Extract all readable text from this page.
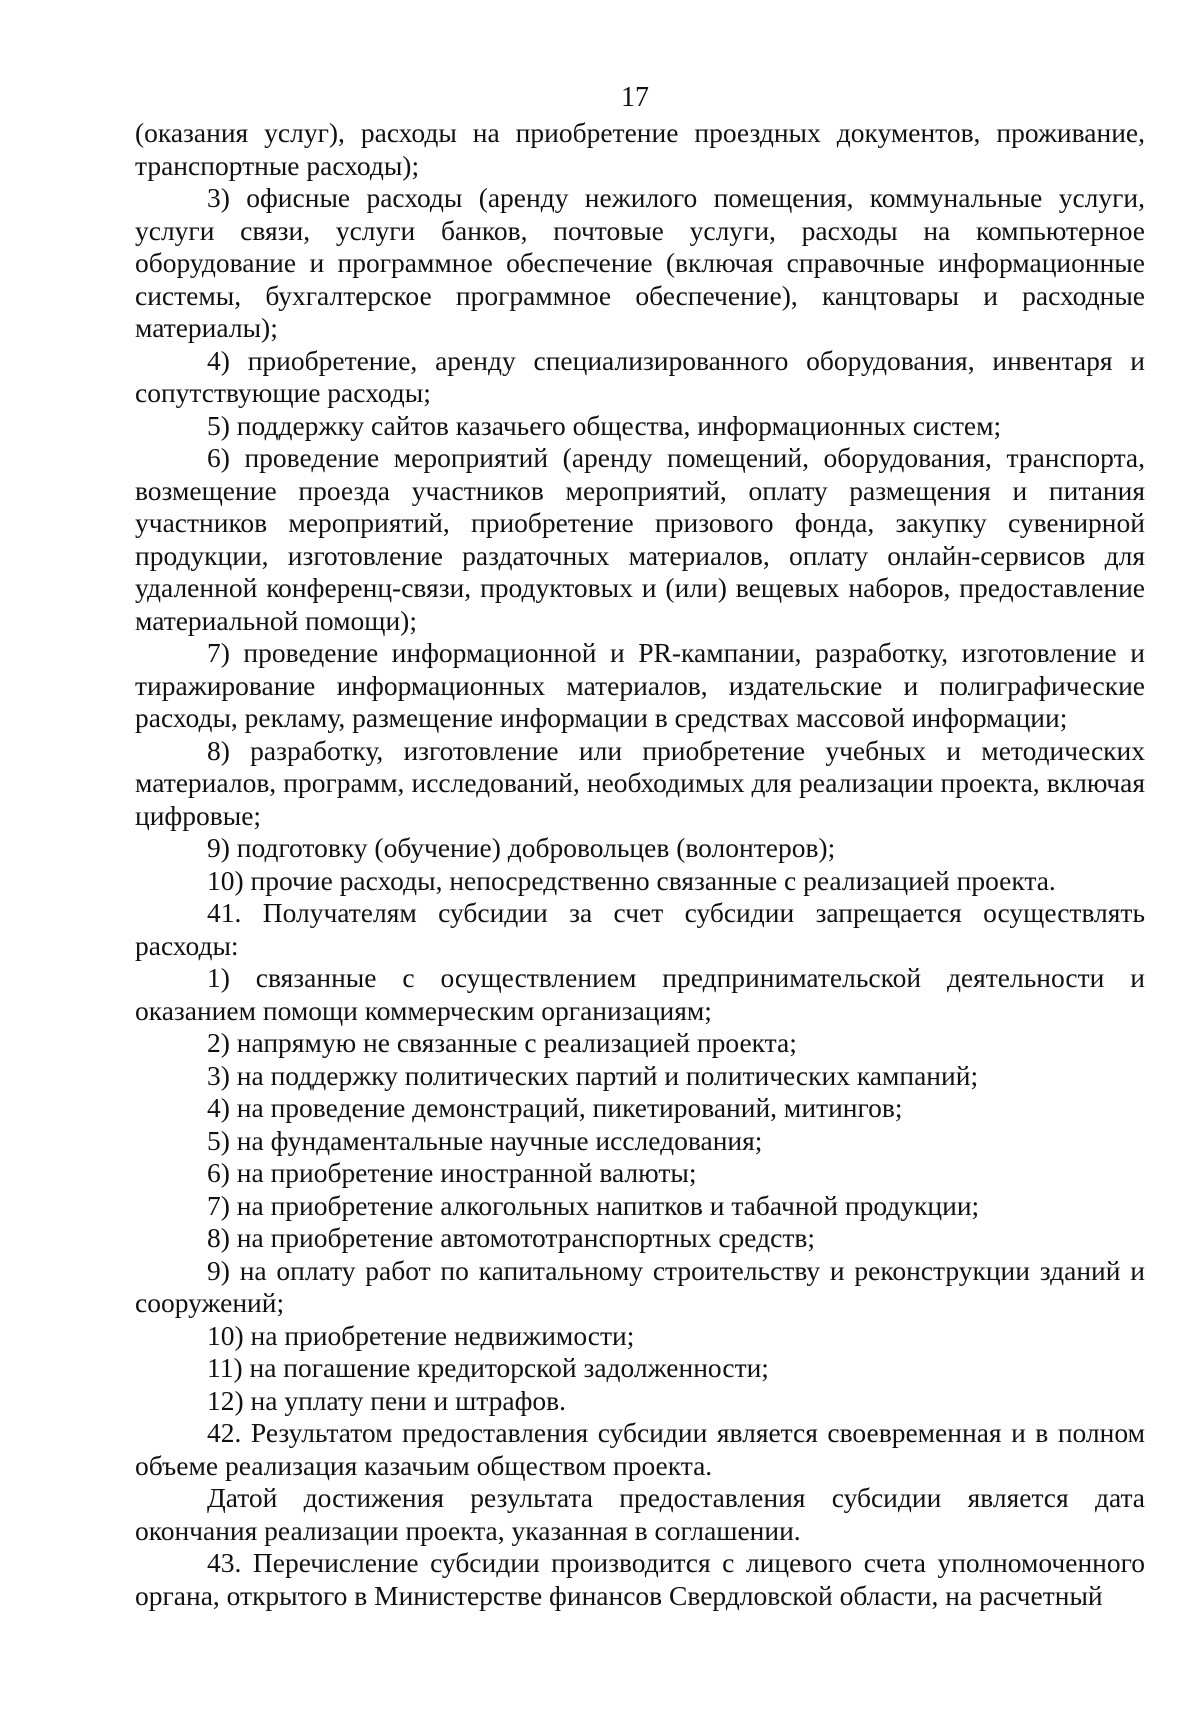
17

(оказания услуг), расходы на приобретение проездных документов, проживание, транспортные расходы);

3) офисные расходы (аренду нежилого помещения, коммунальные услуги, услуги связи, услуги банков, почтовые услуги, расходы на компьютерное оборудование и программное обеспечение (включая справочные информационные системы, бухгалтерское программное обеспечение), канцтовары и расходные материалы);

4) приобретение, аренду специализированного оборудования, инвентаря и сопутствующие расходы;

5) поддержку сайтов казачьего общества, информационных систем;

6) проведение мероприятий (аренду помещений, оборудования, транспорта, возмещение проезда участников мероприятий, оплату размещения и питания участников мероприятий, приобретение призового фонда, закупку сувенирной продукции, изготовление раздаточных материалов, оплату онлайн-сервисов для удаленной конференц-связи, продуктовых и (или) вещевых наборов, предоставление материальной помощи);

7) проведение информационной и PR-кампании, разработку, изготовление и тиражирование информационных материалов, издательские и полиграфические расходы, рекламу, размещение информации в средствах массовой информации;

8) разработку, изготовление или приобретение учебных и методических материалов, программ, исследований, необходимых для реализации проекта, включая цифровые;

9) подготовку (обучение) добровольцев (волонтеров);

10) прочие расходы, непосредственно связанные с реализацией проекта.

41. Получателям субсидии за счет субсидии запрещается осуществлять расходы:

1) связанные с осуществлением предпринимательской деятельности и оказанием помощи коммерческим организациям;

2) напрямую не связанные с реализацией проекта;

3) на поддержку политических партий и политических кампаний;

4) на проведение демонстраций, пикетирований, митингов;

5) на фундаментальные научные исследования;

6) на приобретение иностранной валюты;

7) на приобретение алкогольных напитков и табачной продукции;

8) на приобретение автомототранспортных средств;

9) на оплату работ по капитальному строительству и реконструкции зданий и сооружений;

10) на приобретение недвижимости;

11) на погашение кредиторской задолженности;

12) на уплату пени и штрафов.

42. Результатом предоставления субсидии является своевременная и в полном объеме реализация казачьим обществом проекта.

Датой достижения результата предоставления субсидии является дата окончания реализации проекта, указанная в соглашении.

43. Перечисление субсидии производится с лицевого счета уполномоченного органа, открытого в Министерстве финансов Свердловской области, на расчетный
